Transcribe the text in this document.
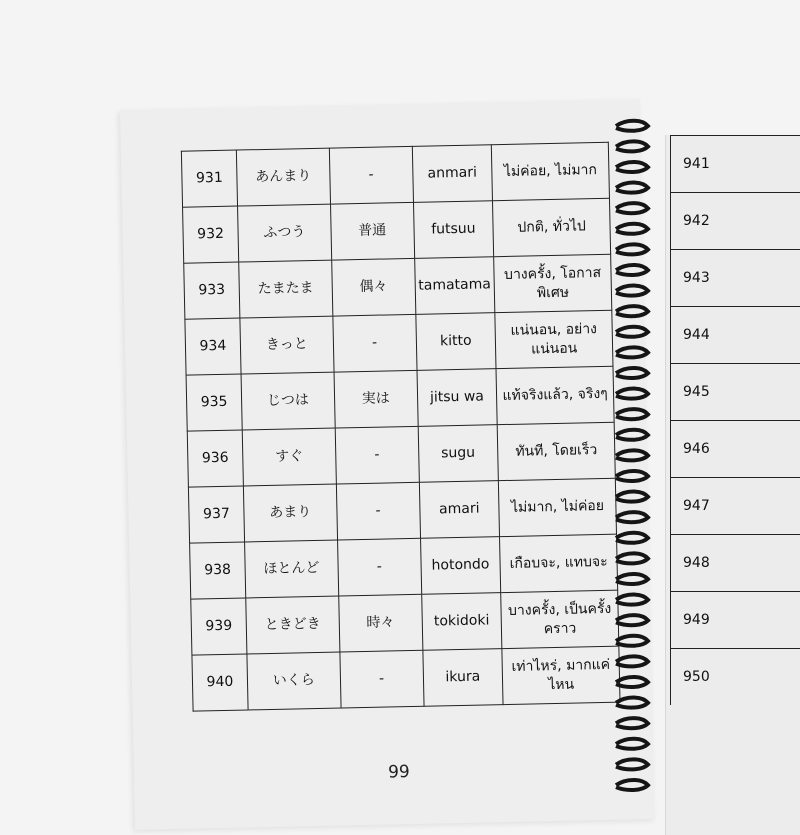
941
942
943
944
945
946
947
948
949
950
931	あんまり	-	anmari	ไม่ค่อย, ไม่มาก
932	ふつう	普通	futsuu	ปกติ, ทั่วไป
933	たまたま	偶々	tamatama	บางครั้ง, โอกาสพิเศษ
934	きっと	-	kitto	แน่นอน, อย่างแน่นอน
935	じつは	実は	jitsu wa	แท้จริงแล้ว, จริงๆ
936	すぐ	-	sugu	ทันที, โดยเร็ว
937	あまり	-	amari	ไม่มาก, ไม่ค่อย
938	ほとんど	-	hotondo	เกือบจะ, แทบจะ
939	ときどき	時々	tokidoki	บางครั้ง, เป็นครั้งคราว
940	いくら	-	ikura	เท่าไหร่, มากแค่ไหน
99
